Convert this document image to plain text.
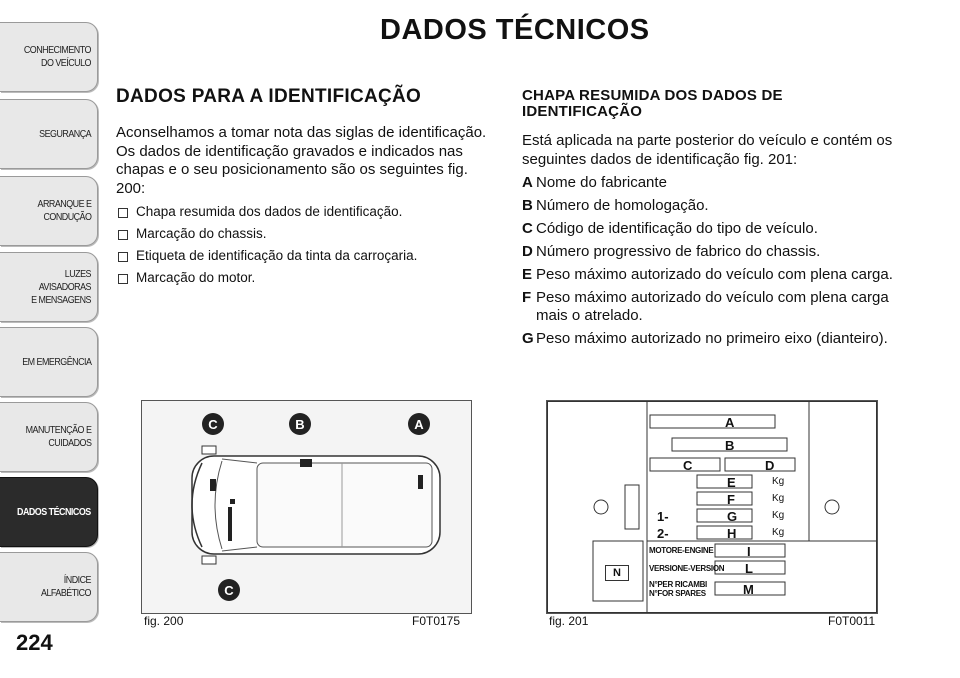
CONHECIMENTO
DO VEÍCULO
SEGURANÇA
ARRANQUE E
CONDUÇÃO
LUZES AVISADORAS
E MENSAGENS
EM EMERGÊNCIA
MANUTENÇÃO E
CUIDADOS
DADOS TÉCNICOS
ÍNDICE ALFABÉTICO
224
DADOS TÉCNICOS
DADOS PARA A IDENTIFICAÇÃO
Aconselhamos a tomar nota das siglas de identificação. Os dados de identificação gravados e indicados nas chapas e o seu posicionamento são os seguintes fig. 200:
Chapa resumida dos dados de identificação.
Marcação do chassis.
Etiqueta de identificação da tinta da carroçaria.
Marcação do motor.
CHAPA RESUMIDA DOS DADOS DE IDENTIFICAÇÃO
Está aplicada na parte posterior do veículo e contém os seguintes dados de identificação fig. 201:
A Nome do fabricante
B Número de homologação.
C Código de identificação do tipo de veículo.
D Número progressivo de fabrico do chassis.
E Peso máximo autorizado do veículo com plena carga.
F Peso máximo autorizado do veículo com plena carga mais o atrelado.
G Peso máximo autorizado no primeiro eixo (dianteiro).
C	B	A
C
fig. 200	F0T0175
A
B
C	D
E
F
G
H
Kg
Kg
Kg
Kg
1-
2-
MOTORE-ENGINE
VERSIONE-VERSION
N°PER RICAMBI
N°FOR SPARES
I
L
M
N
fig. 201	F0T0011
